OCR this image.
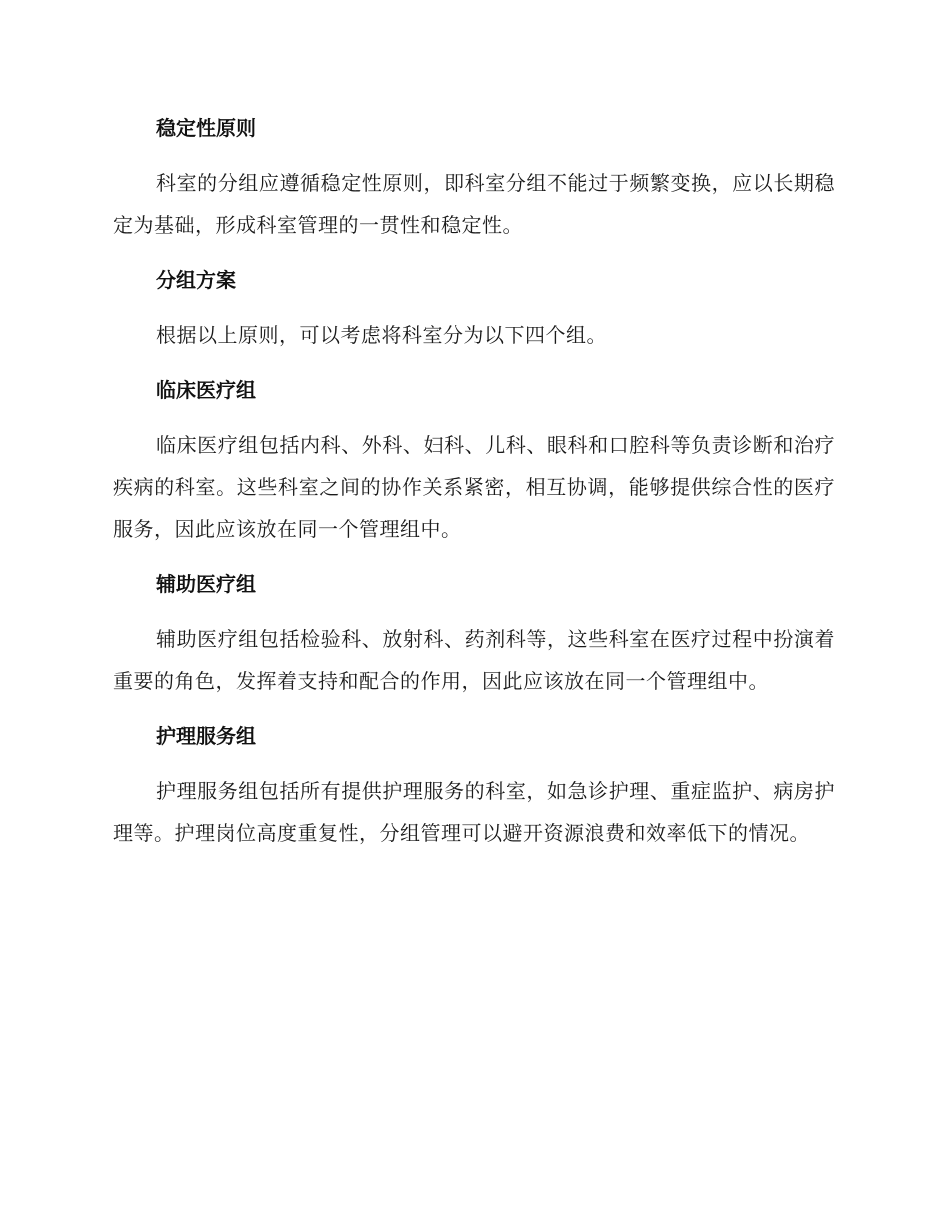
稳定性原则

科室的分组应遵循稳定性原则，即科室分组不能过于频繁变换，应以长期稳定为基础，形成科室管理的一贯性和稳定性。

分组方案

根据以上原则，可以考虑将科室分为以下四个组。

临床医疗组

临床医疗组包括内科、外科、妇科、儿科、眼科和口腔科等负责诊断和治疗疾病的科室。这些科室之间的协作关系紧密，相互协调，能够提供综合性的医疗服务，因此应该放在同一个管理组中。

辅助医疗组

辅助医疗组包括检验科、放射科、药剂科等，这些科室在医疗过程中扮演着重要的角色，发挥着支持和配合的作用，因此应该放在同一个管理组中。

护理服务组

护理服务组包括所有提供护理服务的科室，如急诊护理、重症监护、病房护理等。护理岗位高度重复性，分组管理可以避开资源浪费和效率低下的情况。
